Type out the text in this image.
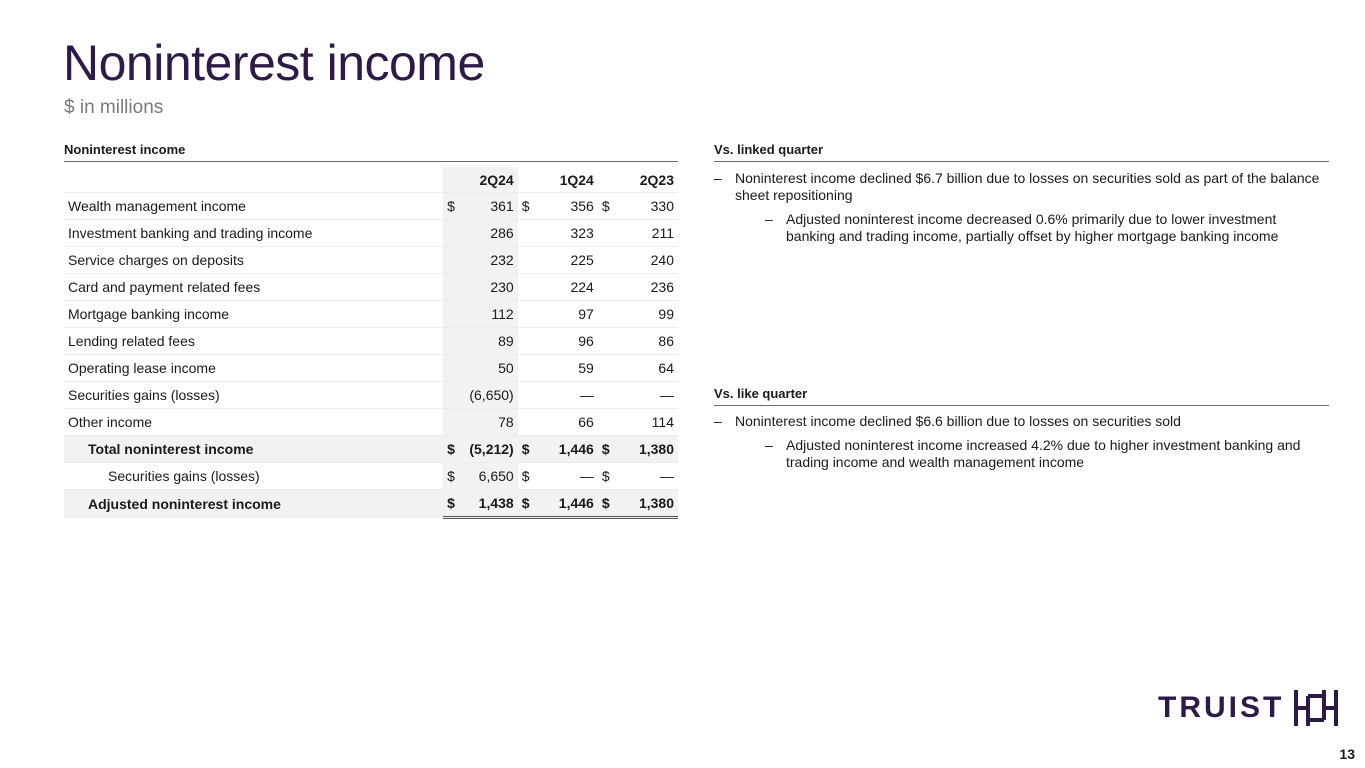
Noninterest income
$ in millions
Noninterest income
		2Q24		1Q24		2Q23
Wealth management income	$	361	$	356	$	330
Investment banking and trading income		286		323		211
Service charges on deposits		232		225		240
Card and payment related fees		230		224		236
Mortgage banking income		112		97		99
Lending related fees		89		96		86
Operating lease income		50		59		64
Securities gains (losses)		(6,650)		—		—
Other income		78		66		114
Total noninterest income	$	(5,212)	$	1,446	$	1,380
Securities gains (losses)	$	6,650	$	—	$	—
Adjusted noninterest income	$	1,438	$	1,446	$	1,380
Vs. linked quarter
– Noninterest income declined $6.7 billion due to losses on securities sold as part of the balance sheet repositioning
– Adjusted noninterest income decreased 0.6% primarily due to lower investment banking and trading income, partially offset by higher mortgage banking income
Vs. like quarter
– Noninterest income declined $6.6 billion due to losses on securities sold
– Adjusted noninterest income increased 4.2% due to higher investment banking and trading income and wealth management income
TRUIST
13
